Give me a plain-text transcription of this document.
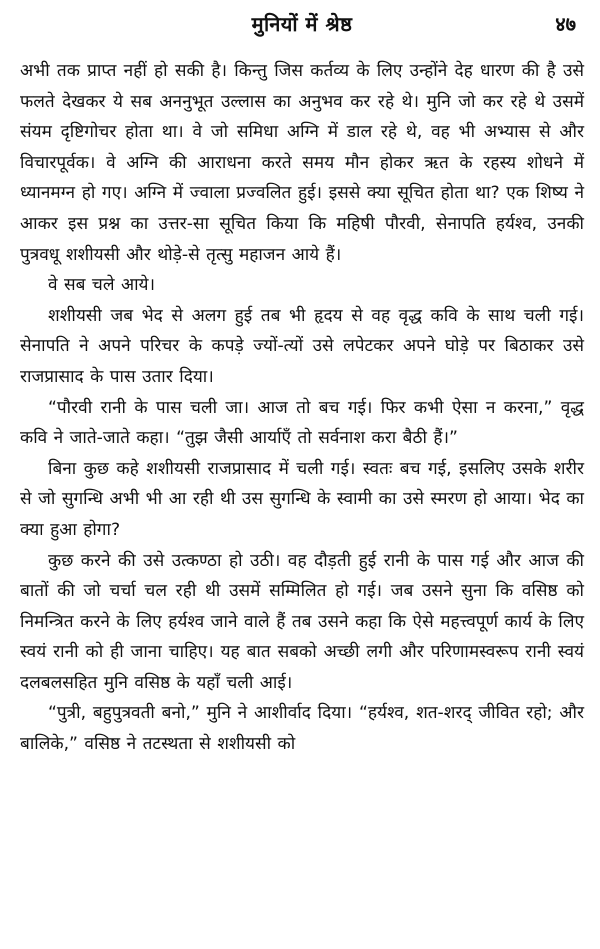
मुनियों में श्रेष्ठ	४७

अभी तक प्राप्त नहीं हो सकी है। किन्तु जिस कर्तव्य के लिए उन्होंने देह धारण की है उसे फलते देखकर ये सब अननुभूत उल्लास का अनुभव कर रहे थे। मुनि जो कर रहे थे उसमें संयम दृष्टिगोचर होता था। वे जो समिधा अग्नि में डाल रहे थे, वह भी अभ्यास से और विचारपूर्वक। वे अग्नि की आराधना करते समय मौन होकर ऋत के रहस्य शोधने में ध्यानमग्न हो गए। अग्नि में ज्वाला प्रज्वलित हुई। इससे क्या सूचित होता था? एक शिष्य ने आकर इस प्रश्न का उत्तर-सा सूचित किया कि महिषी पौरवी, सेनापति हर्यश्व, उनकी पुत्रवधू शशीयसी और थोड़े-से तृत्सु महाजन आये हैं।

वे सब चले आये।

शशीयसी जब भेद से अलग हुई तब भी हृदय से वह वृद्ध कवि के साथ चली गई। सेनापति ने अपने परिचर के कपड़े ज्यों-त्यों उसे लपेटकर अपने घोड़े पर बिठाकर उसे राजप्रासाद के पास उतार दिया।

“पौरवी रानी के पास चली जा। आज तो बच गई। फिर कभी ऐसा न करना,” वृद्ध कवि ने जाते-जाते कहा। “तुझ जैसी आर्याएँ तो सर्वनाश करा बैठी हैं।”

बिना कुछ कहे शशीयसी राजप्रासाद में चली गई। स्वतः बच गई, इसलिए उसके शरीर से जो सुगन्धि अभी भी आ रही थी उस सुगन्धि के स्वामी का उसे स्मरण हो आया। भेद का क्या हुआ होगा?

कुछ करने की उसे उत्कण्ठा हो उठी। वह दौड़ती हुई रानी के पास गई और आज की बातों की जो चर्चा चल रही थी उसमें सम्मिलित हो गई। जब उसने सुना कि वसिष्ठ को निमन्त्रित करने के लिए हर्यश्व जाने वाले हैं तब उसने कहा कि ऐसे महत्त्वपूर्ण कार्य के लिए स्वयं रानी को ही जाना चाहिए। यह बात सबको अच्छी लगी और परिणामस्वरूप रानी स्वयं दलबलसहित मुनि वसिष्ठ के यहाँ चली आई।

“पुत्री, बहुपुत्रवती बनो,” मुनि ने आशीर्वाद दिया। “हर्यश्व, शत-शरद् जीवित रहो; और बालिके,” वसिष्ठ ने तटस्थता से शशीयसी को
